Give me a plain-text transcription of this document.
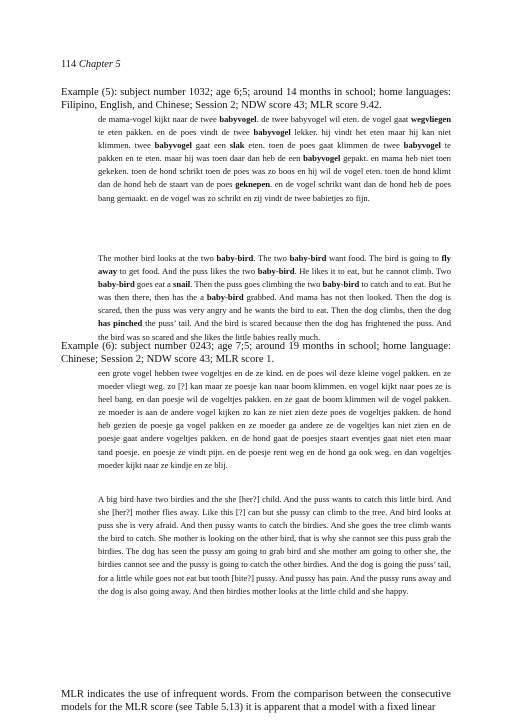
114 Chapter 5

Example (5): subject number 1032; age 6;5; around 14 months in school; home languages: Filipino, English, and Chinese; Session 2; NDW score 43; MLR score 9.42.

de mama-vogel kijkt naar de twee babyvogel. de twee babyvogel wil eten. de vogel gaat wegvliegen te eten pakken. en de poes vindt de twee babyvogel lekker. hij vindt het eten maar hij kan niet klimmen. twee babyvogel gaat een slak eten. toen de poes gaat klimmen de twee babyvogel te pakken en te eten. maar hij was toen daar dan heb de een babyvogel gepakt. en mama heb niet toen gekeken. toen de hond schrikt toen de poes was zo boos en hij wil de vogel eten. toen de hond klimt dan de hond heb de staart van de poes geknepen. en de vogel schrikt want dan de hond heb de poes bang gemaakt. en de vogel was zo schrikt en zij vindt de twee babietjes zo fijn.

The mother bird looks at the two baby-bird. The two baby-bird want food. The bird is going to fly away to get food. And the puss likes the two baby-bird. He likes it to eat, but he cannot climb. Two baby-bird goes eat a snail. Then the puss goes climbing the two baby-bird to catch and to eat. But he was then there, then has the a baby-bird grabbed. And mama has not then looked. Then the dog is scared, then the puss was very angry and he wants the bird to eat. Then the dog climbs, then the dog has pinched the puss’ tail. And the bird is scared because then the dog has frightened the puss. And the bird was so scared and she likes the little babies really much.

Example (6): subject number 0243; age 7;5; around 19 months in school; home language: Chinese; Session 2; NDW score 43; MLR score 1.

een grote vogel hebben twee vogeltjes en de ze kind. en de poes wil deze kleine vogel pakken. en ze moeder vliegt weg. zo [?] kan maar ze poesje kan naar boom klimmen. en vogel kijkt naar poes ze is heel bang. en dan poesje wil de vogeltjes pakken. en ze gaat de boom klimmen wil de vogel pakken. ze moeder is aan de andere vogel kijken zo kan ze niet zien deze poes de vogeltjes pakken. de hond heb gezien de poesje ga vogel pakken en ze moeder ga andere ze de vogeltjes kan niet zien en de poesje gaat andere vogeltjes pakken. en de hond gaat de poesjes staart eventjes gaat niet eten maar tand poesje. en poesje ze vindt pijn. en de poesje rent weg en de hond ga ook weg. en dan vogeltjes moeder kijkt naar ze kindje en ze blij.

A big bird have two birdies and the she [her?] child. And the puss wants to catch this little bird. And she [her?] mother flies away. Like this [?] can but she pussy can climb to the tree. And bird looks at puss she is very afraid. And then pussy wants to catch the birdies. And she goes the tree climb wants the bird to catch. She mother is looking on the other bird, that is why she cannot see this puss grab the birdies. The dog has seen the pussy am going to grab bird and she mother am going to other she, the birdies cannot see and the pussy is going to catch the other birdies. And the dog is going the puss’ tail, for a little while goes not eat but tooth [bite?] pussy. And pussy has pain. And the pussy runs away and the dog is also going away. And then birdies mother looks at the little child and she happy.

MLR indicates the use of infrequent words. From the comparison between the consecutive models for the MLR score (see Table 5.13) it is apparent that a model with a fixed linear
